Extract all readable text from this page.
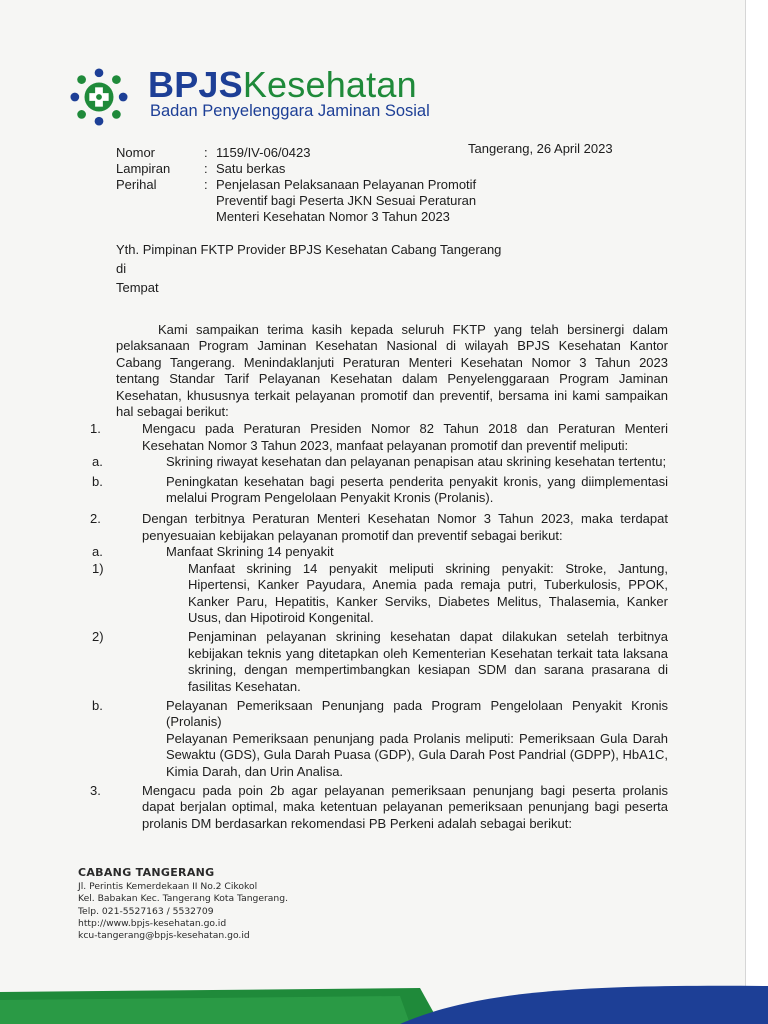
BPJSKesehatan
Badan Penyelenggara Jaminan Sosial
Nomor	: 1159/IV-06/0423
Lampiran	: Satu berkas
Perihal	: Penjelasan Pelaksanaan Pelayanan Promotif Preventif bagi Peserta JKN Sesuai Peraturan Menteri Kesehatan Nomor 3 Tahun 2023
Tangerang, 26 April 2023
Yth. Pimpinan FKTP Provider BPJS Kesehatan Cabang Tangerang
di
Tempat

Kami sampaikan terima kasih kepada seluruh FKTP yang telah bersinergi dalam pelaksanaan Program Jaminan Kesehatan Nasional di wilayah BPJS Kesehatan Kantor Cabang Tangerang. Menindaklanjuti Peraturan Menteri Kesehatan Nomor 3 Tahun 2023 tentang Standar Tarif Pelayanan Kesehatan dalam Penyelenggaraan Program Jaminan Kesehatan, khususnya terkait pelayanan promotif dan preventif, bersama ini kami sampaikan hal sebagai berikut:

1.	Mengacu pada Peraturan Presiden Nomor 82 Tahun 2018 dan Peraturan Menteri Kesehatan Nomor 3 Tahun 2023, manfaat pelayanan promotif dan preventif meliputi:
a.	Skrining riwayat kesehatan dan pelayanan penapisan atau skrining kesehatan tertentu;
b.	Peningkatan kesehatan bagi peserta penderita penyakit kronis, yang diimplementasi melalui Program Pengelolaan Penyakit Kronis (Prolanis).
2.	Dengan terbitnya Peraturan Menteri Kesehatan Nomor 3 Tahun 2023, maka terdapat penyesuaian kebijakan pelayanan promotif dan preventif sebagai berikut:
a.	Manfaat Skrining 14 penyakit
1)	Manfaat skrining 14 penyakit meliputi skrining penyakit: Stroke, Jantung, Hipertensi, Kanker Payudara, Anemia pada remaja putri, Tuberkulosis, PPOK, Kanker Paru, Hepatitis, Kanker Serviks, Diabetes Melitus, Thalasemia, Kanker Usus, dan Hipotiroid Kongenital.
2)	Penjaminan pelayanan skrining kesehatan dapat dilakukan setelah terbitnya kebijakan teknis yang ditetapkan oleh Kementerian Kesehatan terkait tata laksana skrining, dengan mempertimbangkan kesiapan SDM dan sarana prasarana di fasilitas Kesehatan.
b.	Pelayanan Pemeriksaan Penunjang pada Program Pengelolaan Penyakit Kronis (Prolanis)
Pelayanan Pemeriksaan penunjang pada Prolanis meliputi: Pemeriksaan Gula Darah Sewaktu (GDS), Gula Darah Puasa (GDP), Gula Darah Post Pandrial (GDPP), HbA1C, Kimia Darah, dan Urin Analisa.
3.	Mengacu pada poin 2b agar pelayanan pemeriksaan penunjang bagi peserta prolanis dapat berjalan optimal, maka ketentuan pelayanan pemeriksaan penunjang bagi peserta prolanis DM berdasarkan rekomendasi PB Perkeni adalah sebagai berikut:
CABANG TANGERANG
Jl. Perintis Kemerdekaan II No.2 Cikokol
Kel. Babakan Kec. Tangerang Kota Tangerang.
Telp. 021-5527163 / 5532709
http://www.bpjs-kesehatan.go.id
kcu-tangerang@bpjs-kesehatan.go.id
